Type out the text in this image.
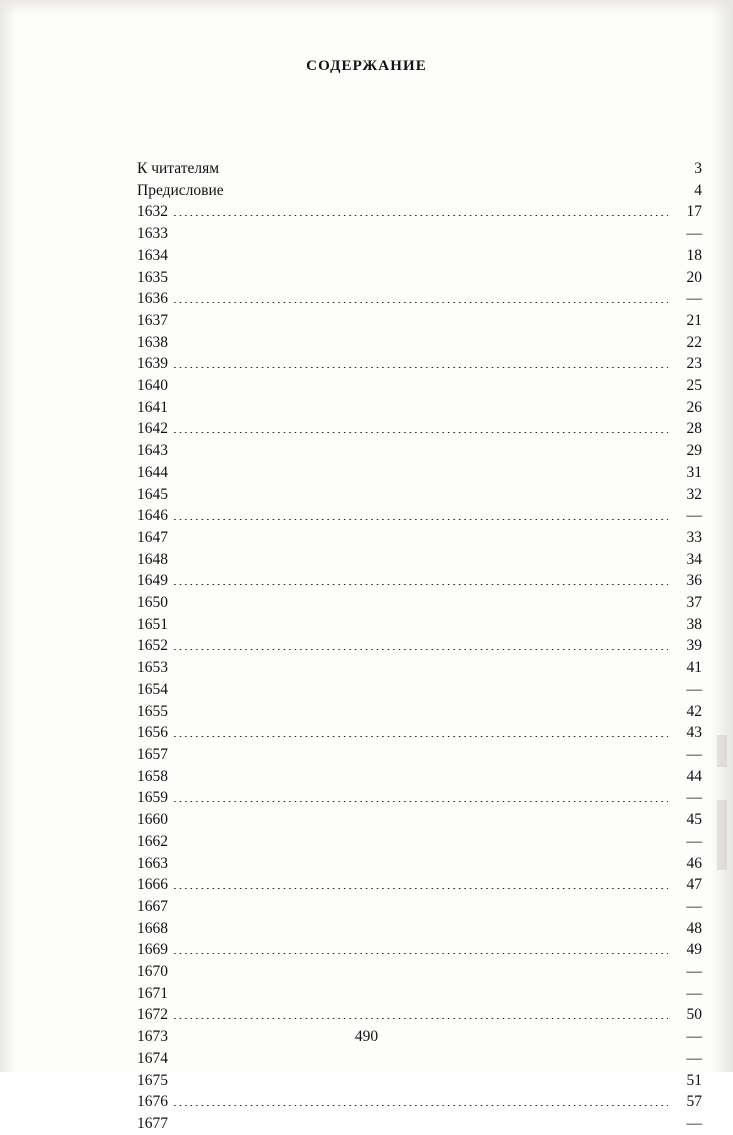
СОДЕРЖАНИЕ
К читателям .....	3
Предисловие .....	4
1632 .....	17
1633 .....	—
1634 .....	18
1635 .....	20
1636 .....	—
1637 .....	21
1638 .....	22
1639 .....	23
1640 .....	25
1641 .....	26
1642 .....	28
1643 .....	29
1644 .....	31
1645 .....	32
1646 .....	—
1647 .....	33
1648 .....	34
1649 .....	36
1650 .....	37
1651 .....	38
1652 .....	39
1653 .....	41
1654 .....	—
1655 .....	42
1656 .....	43
1657 .....	—
1658 .....	44
1659 .....	—
1660 .....	45
1662 .....	—
1663 .....	46
1666 .....	47
1667 .....	—
1668 .....	48
1669 .....	49
1670 .....	—
1671 .....	—
1672 .....	50
1673 .....	—
1674 .....	—
1675 .....	51
1676 .....	57
1677 .....	—
490
